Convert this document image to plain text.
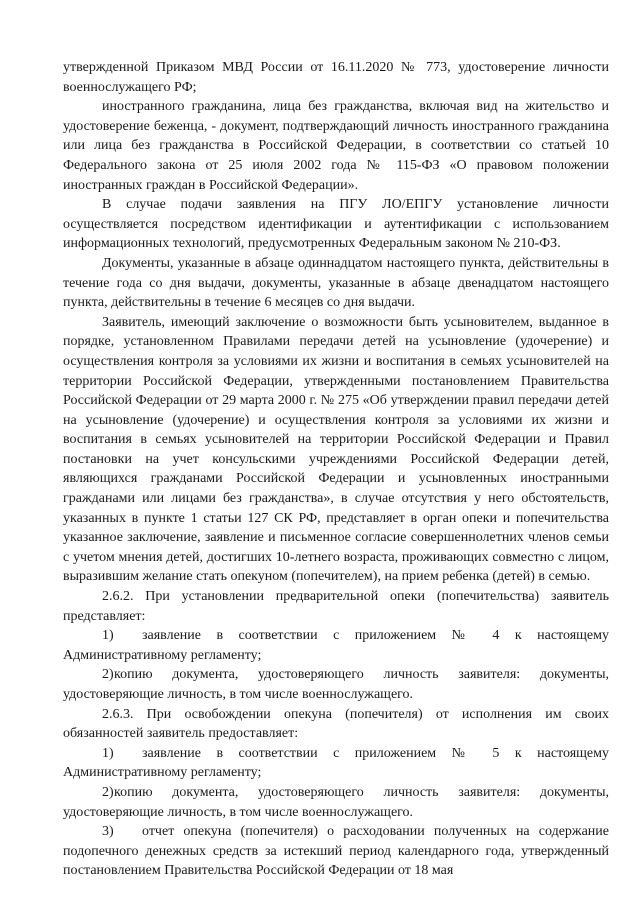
утвержденной Приказом МВД России от 16.11.2020 № 773, удостоверение личности военнослужащего РФ;

иностранного гражданина, лица без гражданства, включая вид на жительство и удостоверение беженца, - документ, подтверждающий личность иностранного гражданина или лица без гражданства в Российской Федерации, в соответствии со статьей 10 Федерального закона от 25 июля 2002 года № 115-ФЗ «О правовом положении иностранных граждан в Российской Федерации».

В случае подачи заявления на ПГУ ЛО/ЕПГУ установление личности осуществляется посредством идентификации и аутентификации с использованием информационных технологий, предусмотренных Федеральным законом № 210-ФЗ.

Документы, указанные в абзаце одиннадцатом настоящего пункта, действительны в течение года со дня выдачи, документы, указанные в абзаце двенадцатом настоящего пункта, действительны в течение 6 месяцев со дня выдачи.

Заявитель, имеющий заключение о возможности быть усыновителем, выданное в порядке, установленном Правилами передачи детей на усыновление (удочерение) и осуществления контроля за условиями их жизни и воспитания в семьях усыновителей на территории Российской Федерации, утвержденными постановлением Правительства Российской Федерации от 29 марта 2000 г. № 275 «Об утверждении правил передачи детей на усыновление (удочерение) и осуществления контроля за условиями их жизни и воспитания в семьях усыновителей на территории Российской Федерации и Правил постановки на учет консульскими учреждениями Российской Федерации детей, являющихся гражданами Российской Федерации и усыновленных иностранными гражданами или лицами без гражданства», в случае отсутствия у него обстоятельств, указанных в пункте 1 статьи 127 СК РФ, представляет в орган опеки и попечительства указанное заключение, заявление и письменное согласие совершеннолетних членов семьи с учетом мнения детей, достигших 10-летнего возраста, проживающих совместно с лицом, выразившим желание стать опекуном (попечителем), на прием ребенка (детей) в семью.

2.6.2. При установлении предварительной опеки (попечительства) заявитель представляет:

1) заявление в соответствии с приложением № 4 к настоящему Административному регламенту;

2)копию документа, удостоверяющего личность заявителя: документы, удостоверяющие личность, в том числе военнослужащего.

2.6.3. При освобождении опекуна (попечителя) от исполнения им своих обязанностей заявитель предоставляет:

1) заявление в соответствии с приложением № 5 к настоящему Административному регламенту;

2)копию документа, удостоверяющего личность заявителя: документы, удостоверяющие личность, в том числе военнослужащего.

3) отчет опекуна (попечителя) о расходовании полученных на содержание подопечного денежных средств за истекший период календарного года, утвержденный постановлением Правительства Российской Федерации от 18 мая
